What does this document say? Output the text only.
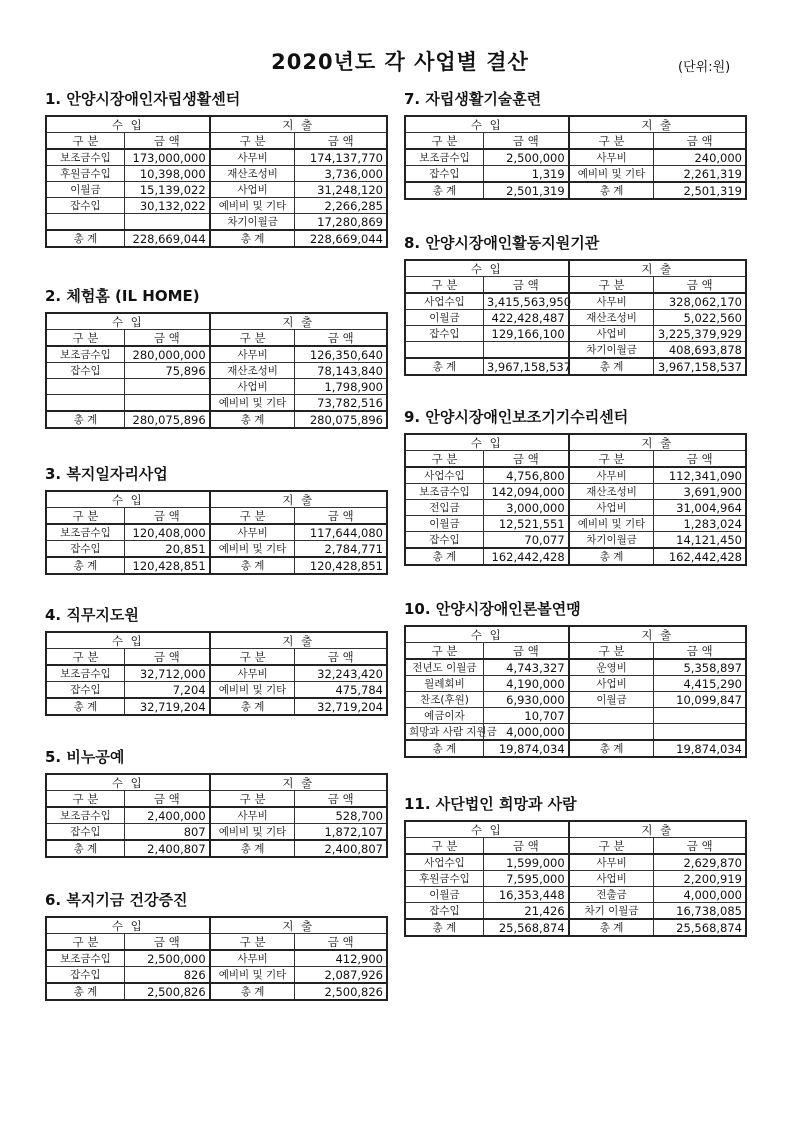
2020년도 각 사업별 결산	(단위:원)
1. 안양시장애인자립생활센터
수 입		지 출	
구 분	금 액	구 분	금 액
보조금수입	173,000,000	사무비	174,137,770
후원금수입	10,398,000	재산조성비	3,736,000
이월금	15,139,022	사업비	31,248,120
잡수입	30,132,022	예비비 및 기타	2,266,285
		차기이월금	17,280,869
총 계	228,669,044	총 계	228,669,044
2. 체험홈 (IL HOME)
수 입		지 출	
구 분	금 액	구 분	금 액
보조금수입	280,000,000	사무비	126,350,640
잡수입	75,896	재산조성비	78,143,840
		사업비	1,798,900
		예비비 및 기타	73,782,516
총 계	280,075,896	총 계	280,075,896
3. 복지일자리사업
수 입		지 출	
구 분	금 액	구 분	금 액
보조금수입	120,408,000	사무비	117,644,080
잡수입	20,851	예비비 및 기타	2,784,771
총 계	120,428,851	총 계	120,428,851
4. 직무지도원
수 입		지 출	
구 분	금 액	구 분	금 액
보조금수입	32,712,000	사무비	32,243,420
잡수입	7,204	예비비 및 기타	475,784
총 계	32,719,204	총 계	32,719,204
5. 비누공예
수 입		지 출	
구 분	금 액	구 분	금 액
보조금수입	2,400,000	사무비	528,700
잡수입	807	예비비 및 기타	1,872,107
총 계	2,400,807	총 계	2,400,807
6. 복지기금 건강증진
수 입		지 출	
구 분	금 액	구 분	금 액
보조금수입	2,500,000	사무비	412,900
잡수입	826	예비비 및 기타	2,087,926
총 계	2,500,826	총 계	2,500,826
7. 자립생활기술훈련
수 입		지 출	
구 분	금 액	구 분	금 액
보조금수입	2,500,000	사무비	240,000
잡수입	1,319	예비비 및 기타	2,261,319
총 계	2,501,319	총 계	2,501,319
8. 안양시장애인활동지원기관
수 입		지 출	
구 분	금 액	구 분	금 액
사업수입	3,415,563,950	사무비	328,062,170
이월금	422,428,487	재산조성비	5,022,560
잡수입	129,166,100	사업비	3,225,379,929
		차기이월금	408,693,878
총 계	3,967,158,537	총 계	3,967,158,537
9. 안양시장애인보조기기수리센터
수 입		지 출	
구 분	금 액	구 분	금 액
사업수입	4,756,800	사무비	112,341,090
보조금수입	142,094,000	재산조성비	3,691,900
전입금	3,000,000	사업비	31,004,964
이월금	12,521,551	예비비 및 기타	1,283,024
잡수입	70,077	차기이월금	14,121,450
총 계	162,442,428	총 계	162,442,428
10. 안양시장애인론볼연맹
수 입		지 출	
구 분	금 액	구 분	금 액
전년도 이월금	4,743,327	운영비	5,358,897
월례회비	4,190,000	사업비	4,415,290
찬조(후원)	6,930,000	이월금	10,099,847
예금이자	10,707		
희망과 사람 지원금	4,000,000		
총 계	19,874,034	총 계	19,874,034
11. 사단법인 희망과 사람
수 입		지 출	
구 분	금 액	구 분	금 액
사업수입	1,599,000	사무비	2,629,870
후원금수입	7,595,000	사업비	2,200,919
이월금	16,353,448	전출금	4,000,000
잡수입	21,426	차기 이월금	16,738,085
총 계	25,568,874	총 계	25,568,874
